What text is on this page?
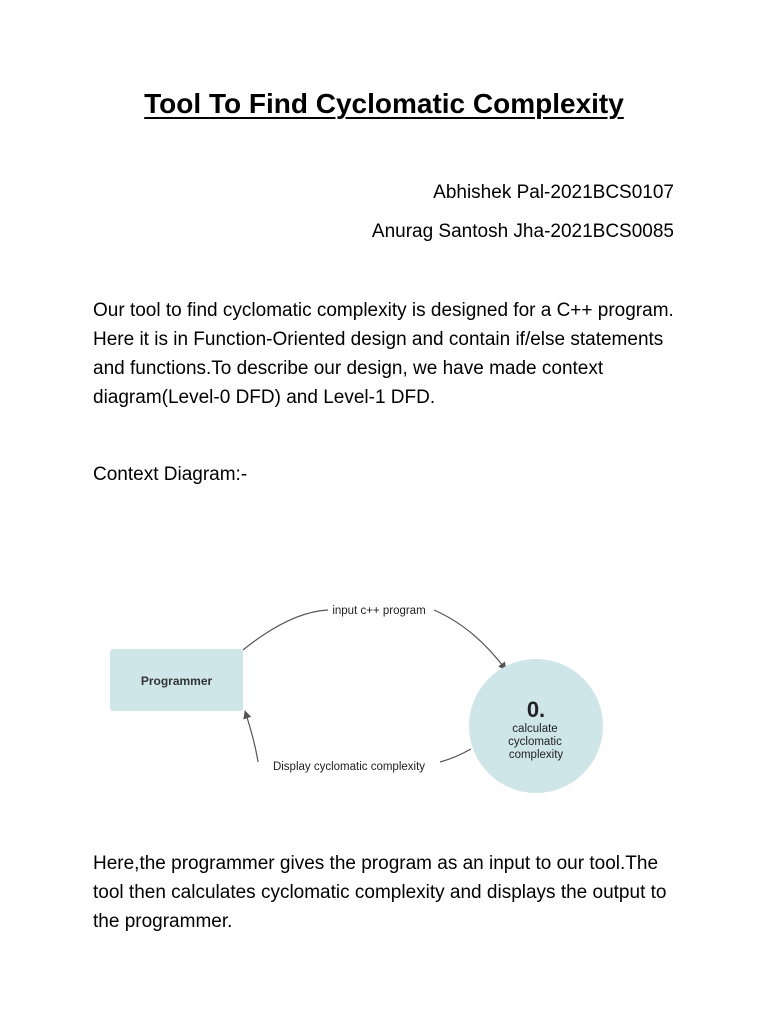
Tool To Find Cyclomatic Complexity
Abhishek Pal-2021BCS0107
Anurag Santosh Jha-2021BCS0085

Our tool to find cyclomatic complexity is designed for a C++ program. Here it is in Function-Oriented design and contain if/else statements and functions.To describe our design, we have made context diagram(Level-0 DFD) and Level-1 DFD.

Context Diagram:-

input c++ program
Display cyclomatic complexity
Programmer
0.
calculate
cyclomatic
complexity

Here,the programmer gives the program as an input to our tool.The tool then calculates cyclomatic complexity and displays the output to the programmer.
